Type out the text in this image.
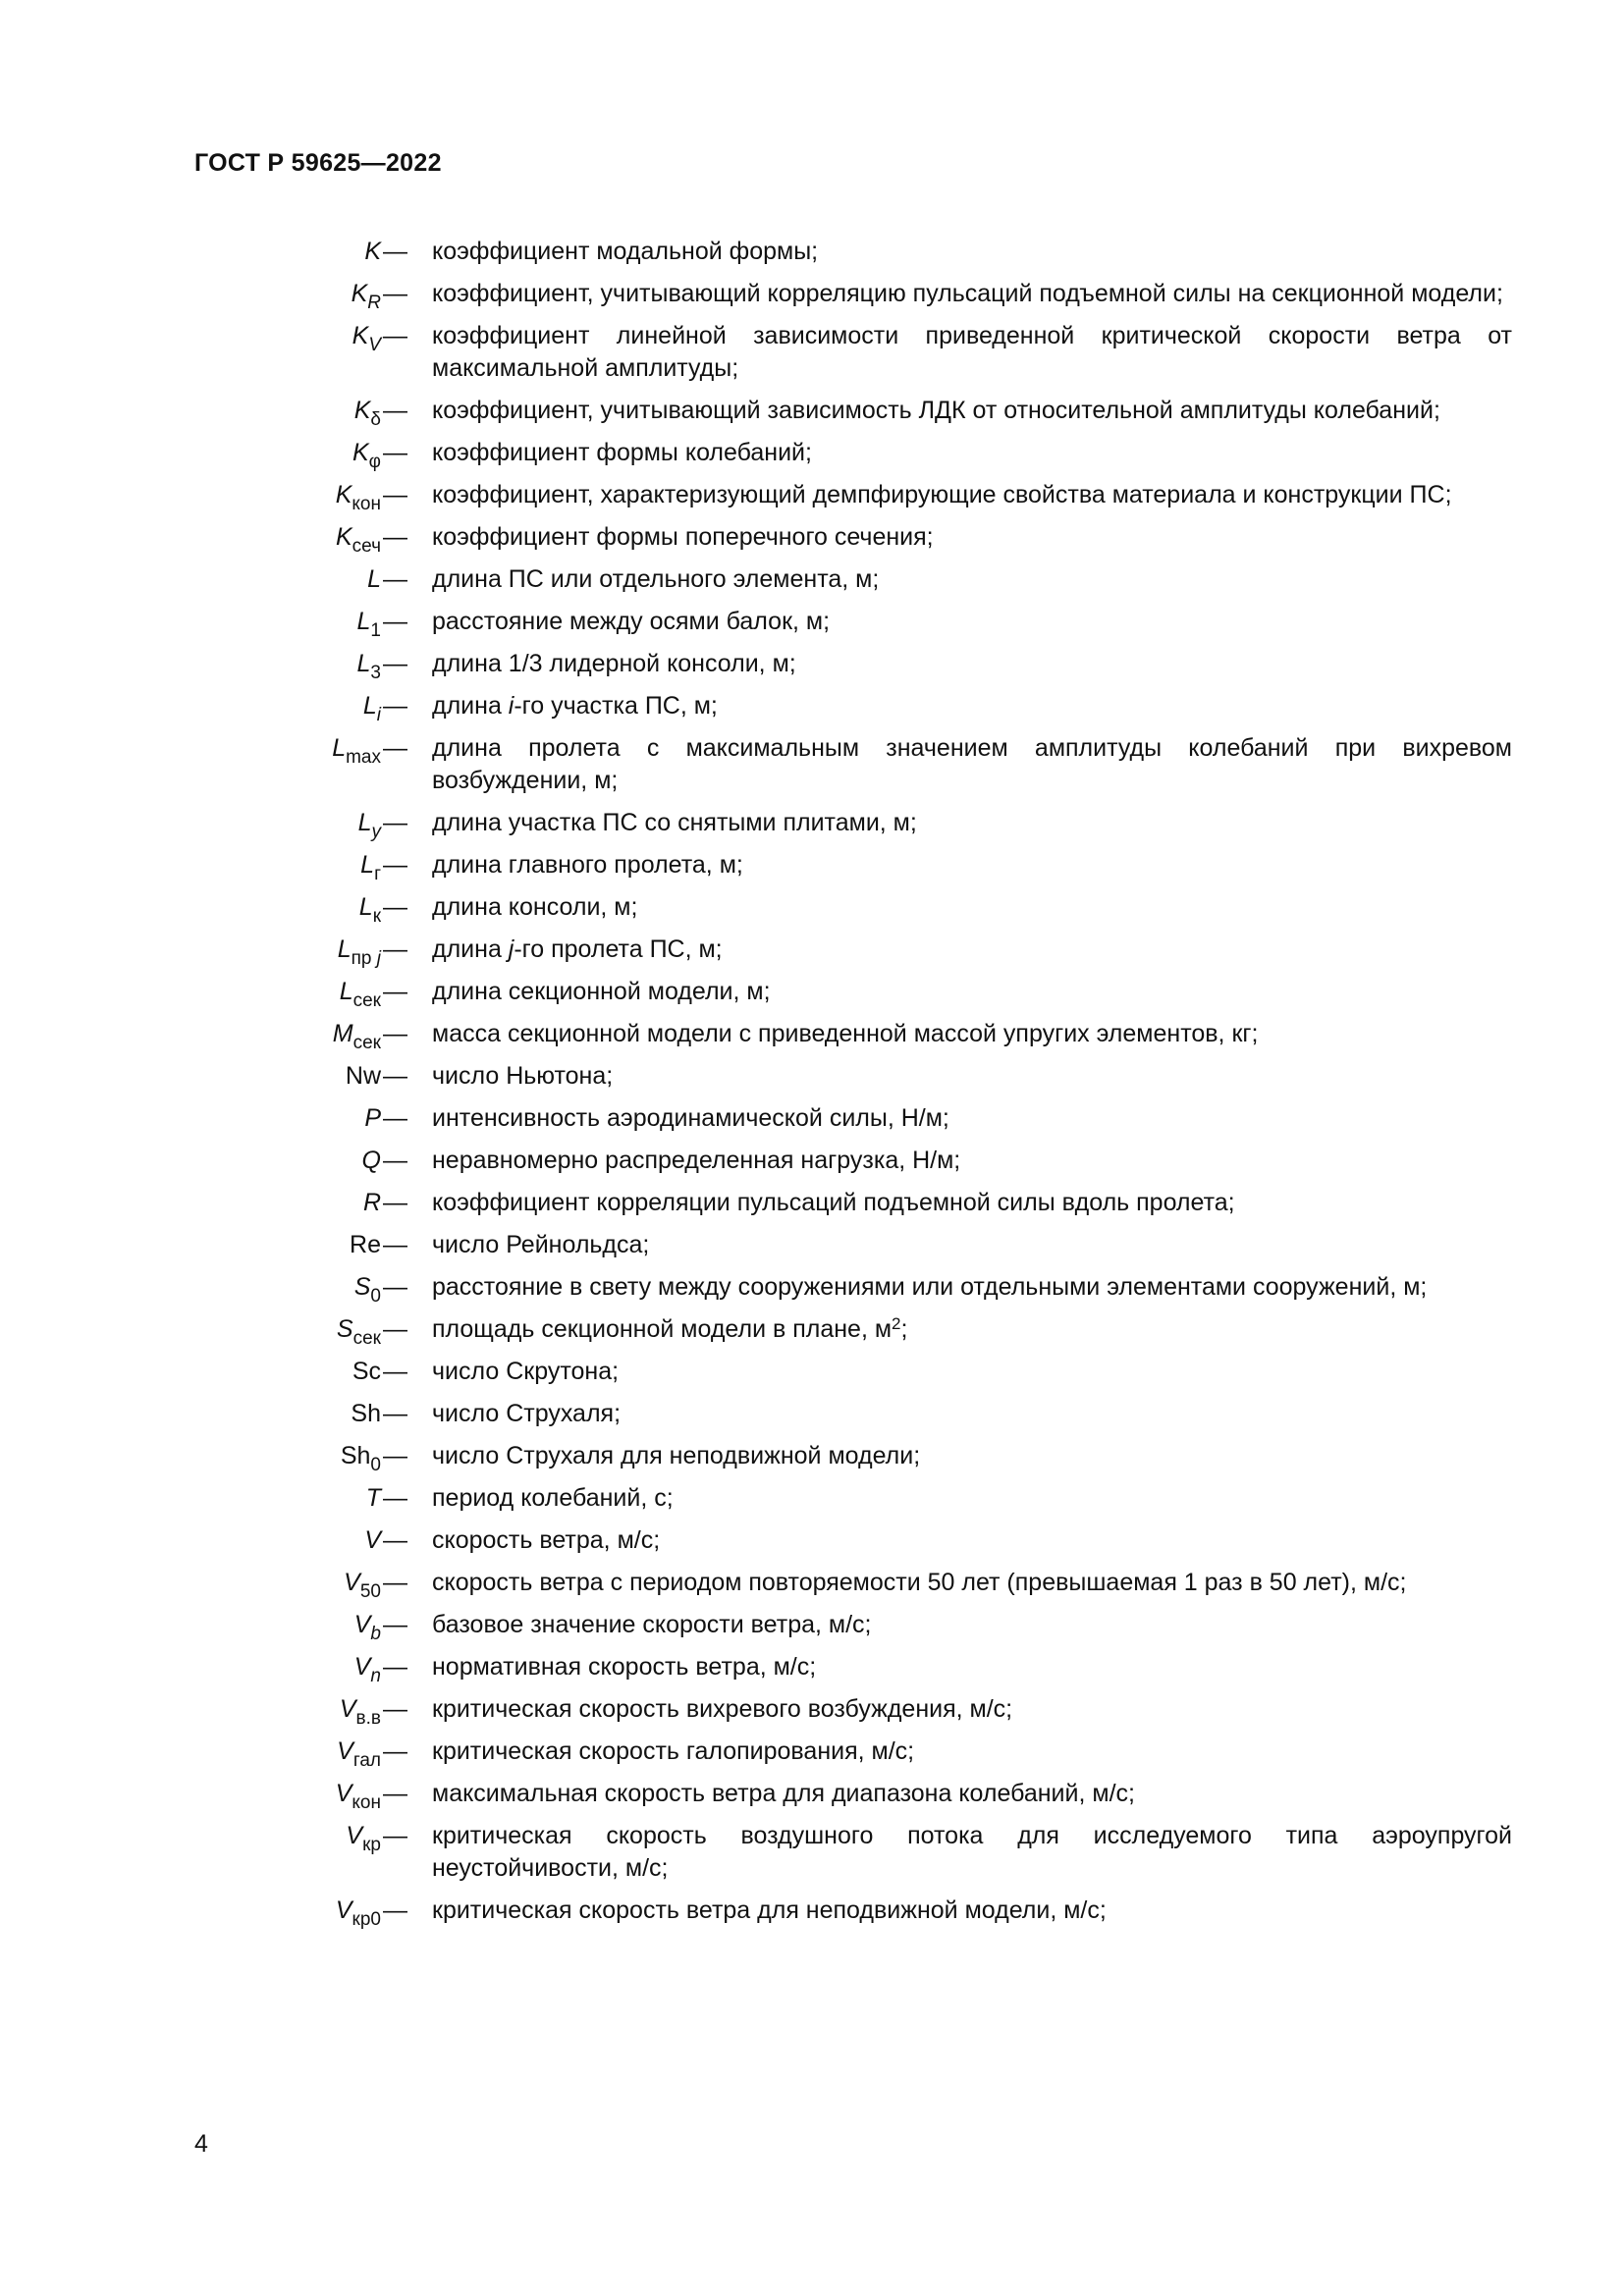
ГОСТ Р 59625—2022
K —	коэффициент модальной формы;
$K_R$ —	коэффициент, учитывающий корреляцию пульсаций подъемной силы на секционной модели;
$K_V$ —	коэффициент линейной зависимости приведенной критической скорости ветра от максимальной амплитуды;
$K_\delta$ —	коэффициент, учитывающий зависимость ЛДК от относительной амплитуды колебаний;
$K_\varphi$ —	коэффициент формы колебаний;
$K_{кон}$ —	коэффициент, характеризующий демпфирующие свойства материала и конструкции ПС;
$K_{сеч}$ —	коэффициент формы поперечного сечения;
L —	длина ПС или отдельного элемента, м;
$L_1$ —	расстояние между осями балок, м;
$L_3$ —	длина 1/3 лидерной консоли, м;
$L_i$ —	длина i-го участка ПС, м;
$L_{max}$ —	длина пролета с максимальным значением амплитуды колебаний при вихревом возбуждении, м;
$L_y$ —	длина участка ПС со снятыми плитами, м;
$L_г$ —	длина главного пролета, м;
$L_к$ —	длина консоли, м;
$L_{пр j}$ —	длина j-го пролета ПС, м;
$L_{сек}$ —	длина секционной модели, м;
$M_{сек}$ —	масса секционной модели с приведенной массой упругих элементов, кг;
Nw —	число Ньютона;
P —	интенсивность аэродинамической силы, Н/м;
Q —	неравномерно распределенная нагрузка, Н/м;
R —	коэффициент корреляции пульсаций подъемной силы вдоль пролета;
Re —	число Рейнольдса;
$S_0$ —	расстояние в свету между сооружениями или отдельными элементами сооружений, м;
$S_{сек}$ —	площадь секционной модели в плане, $м^2$;
Sc —	число Скрутона;
Sh —	число Струхаля;
$Sh_0$ —	число Струхаля для неподвижной модели;
T —	период колебаний, с;
V —	скорость ветра, м/с;
$V_{50}$ —	скорость ветра с периодом повторяемости 50 лет (превышаемая 1 раз в 50 лет), м/с;
$V_b$ —	базовое значение скорости ветра, м/с;
$V_n$ —	нормативная скорость ветра, м/с;
$V_{в.в}$ —	критическая скорость вихревого возбуждения, м/с;
$V_{гал}$ —	критическая скорость галопирования, м/с;
$V_{кон}$ —	максимальная скорость ветра для диапазона колебаний, м/с;
$V_{кр}$ —	критическая скорость воздушного потока для исследуемого типа аэроупругой неустойчивости, м/с;
$V_{кр0}$ —	критическая скорость ветра для неподвижной модели, м/с;
4
